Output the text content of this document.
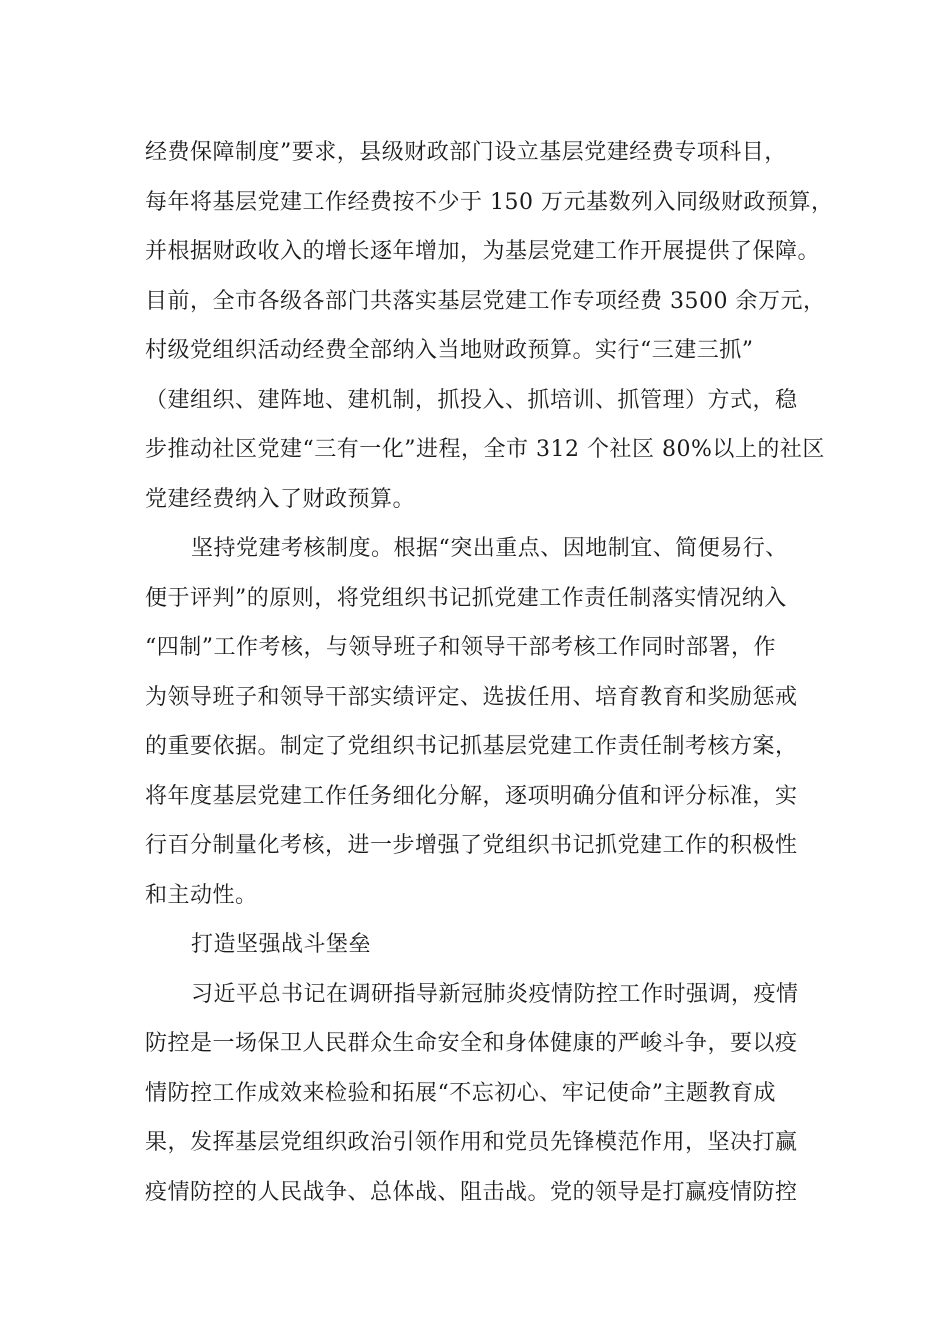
经费保障制度”要求，县级财政部门设立基层党建经费专项科目，
每年将基层党建工作经费按不少于 150 万元基数列入同级财政预算，
并根据财政收入的增长逐年增加，为基层党建工作开展提供了保障。
目前，全市各级各部门共落实基层党建工作专项经费 3500 余万元，
村级党组织活动经费全部纳入当地财政预算。实行“三建三抓”
（建组织、建阵地、建机制，抓投入、抓培训、抓管理）方式，稳
步推动社区党建“三有一化”进程，全市 312 个社区 80%以上的社区
党建经费纳入了财政预算。
坚持党建考核制度。根据“突出重点、因地制宜、简便易行、
便于评判”的原则，将党组织书记抓党建工作责任制落实情况纳入
“四制”工作考核，与领导班子和领导干部考核工作同时部署，作
为领导班子和领导干部实绩评定、选拔任用、培育教育和奖励惩戒
的重要依据。制定了党组织书记抓基层党建工作责任制考核方案，
将年度基层党建工作任务细化分解，逐项明确分值和评分标准，实
行百分制量化考核，进一步增强了党组织书记抓党建工作的积极性
和主动性。
打造坚强战斗堡垒
习近平总书记在调研指导新冠肺炎疫情防控工作时强调，疫情
防控是一场保卫人民群众生命安全和身体健康的严峻斗争，要以疫
情防控工作成效来检验和拓展“不忘初心、牢记使命”主题教育成
果，发挥基层党组织政治引领作用和党员先锋模范作用，坚决打赢
疫情防控的人民战争、总体战、阻击战。党的领导是打赢疫情防控
